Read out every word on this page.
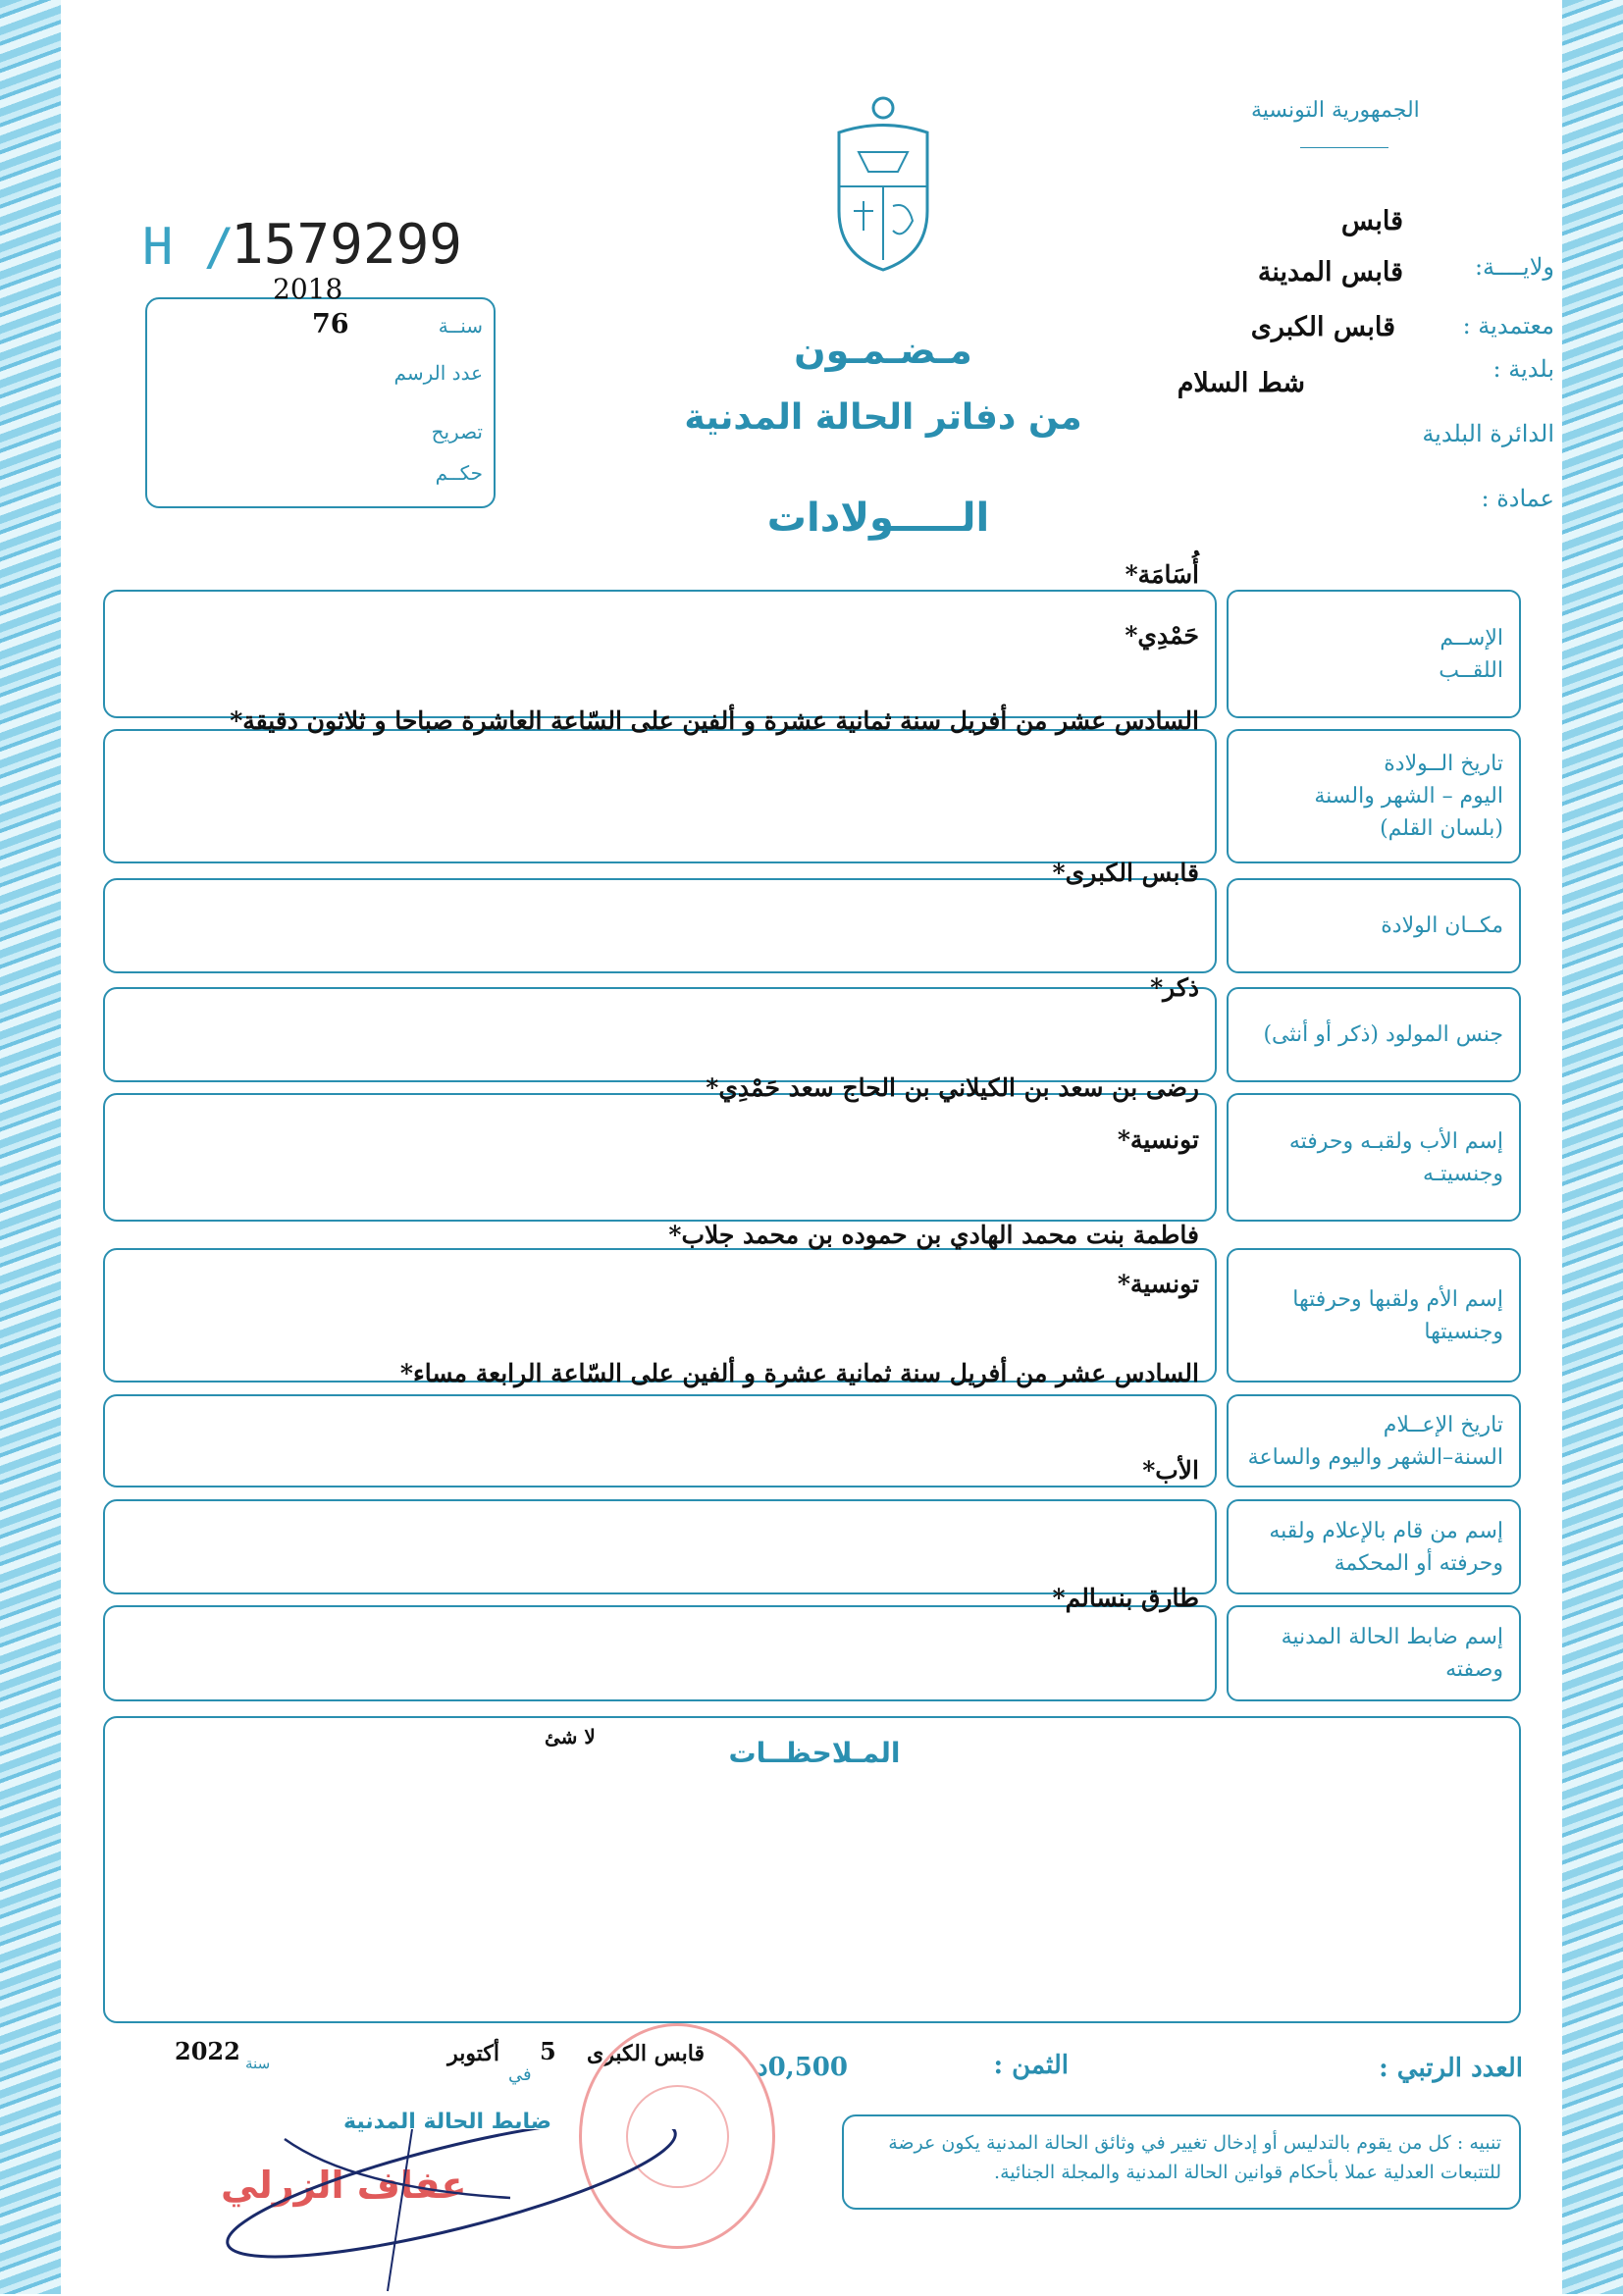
الجمهورية التونسية
H /
1579299
2018
76	سنــة
عدد الرسم
تصريح
حكــم
قابس
ولايــــة:
قابس المدينة
معتمدية :
قابس الكبرى
بلدية :
شط السلام
الدائرة البلدية
عمادة :
مـضـمـون
من دفاتر الحالة المدنية
الـــــولادات
الإســم
اللقــب
أُسَامَة*
حَمْدِي*
تاريخ الــولادة
اليوم – الشهر والسنة
(بلسان القلم)
السادس عشر من أفريل سنة ثمانية عشرة و ألفين على السّاعة العاشرة صباحا و ثلاثون دقيقة*
مكــان الولادة
قابس الكبرى*
جنس المولود (ذكر أو أنثى)
ذكر*
إسم الأب ولقبـه وحرفته
وجنسيتـه
رضى بن سعد بن الكيلاني بن الحاج سعد حَمْدِي*
تونسية*
إسم الأم ولقبها وحرفتها
وجنسيتها
فاطمة بنت محمد الهادي بن حموده بن محمد جلاب*
تونسية*
تاريخ الإعــلام
السنة–الشهر واليوم والساعة
السادس عشر من أفريل سنة ثمانية عشرة و ألفين على السّاعة الرابعة مساء*
إسم من قام بالإعلام ولقبه
وحرفته أو المحكمة
الأب*
إسم ضابط الحالة المدنية
وصفته
طارق بنسالم*
المـلاحظــات
لا شئ
العدد الرتبي :
الثمن :
0,500د
قابس الكبرى
5
في
أكتوبر
سنة
2022
ضابط الحالة المدنية
عفاف الزرلي
تنبيه : كل من يقوم بالتدليس أو إدخال تغيير في وثائق الحالة المدنية يكون عرضة للتتبعات العدلية عملا بأحكام قوانين الحالة المدنية والمجلة الجنائية.
